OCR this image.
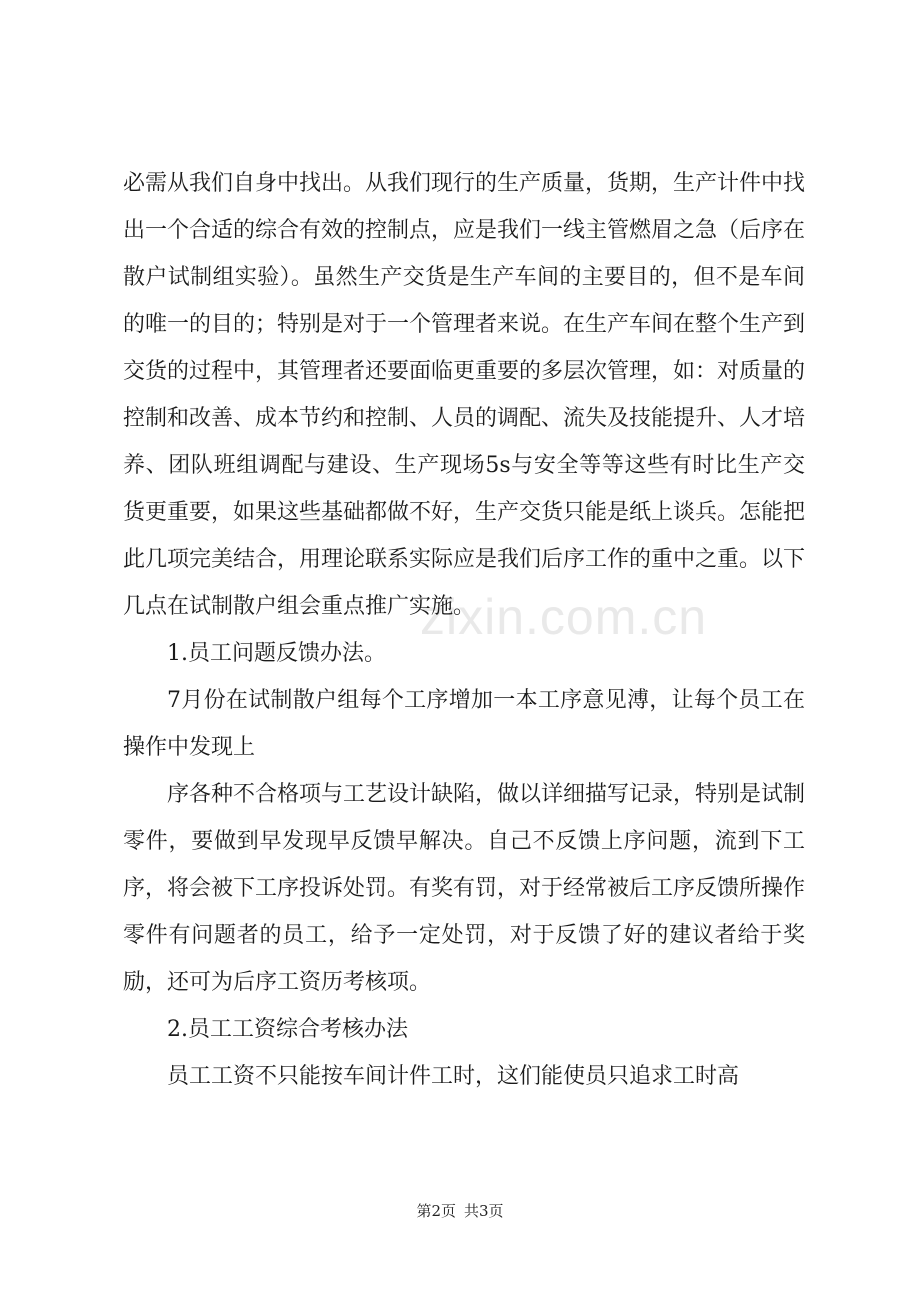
zixin.com.cn

必需从我们自身中找出。从我们现行的生产质量，货期，生产计件中找出一个合适的综合有效的控制点，应是我们一线主管燃眉之急（后序在散户试制组实验）。虽然生产交货是生产车间的主要目的，但不是车间的唯一的目的；特别是对于一个管理者来说。在生产车间在整个生产到交货的过程中，其管理者还要面临更重要的多层次管理，如：对质量的控制和改善、成本节约和控制、人员的调配、流失及技能提升、人才培养、团队班组调配与建设、生产现场5s与安全等等这些有时比生产交货更重要，如果这些基础都做不好，生产交货只能是纸上谈兵。怎能把此几项完美结合，用理论联系实际应是我们后序工作的重中之重。以下几点在试制散户组会重点推广实施。

1.员工问题反馈办法。

7月份在试制散户组每个工序增加一本工序意见溥，让每个员工在操作中发现上

序各种不合格项与工艺设计缺陷，做以详细描写记录，特别是试制零件，要做到早发现早反馈早解决。自己不反馈上序问题，流到下工序，将会被下工序投诉处罚。有奖有罚，对于经常被后工序反馈所操作零件有问题者的员工，给予一定处罚，对于反馈了好的建议者给于奖励，还可为后序工资历考核项。

2.员工工资综合考核办法

员工工资不只能按车间计件工时，这们能使员只追求工时高

第2页 共3页
